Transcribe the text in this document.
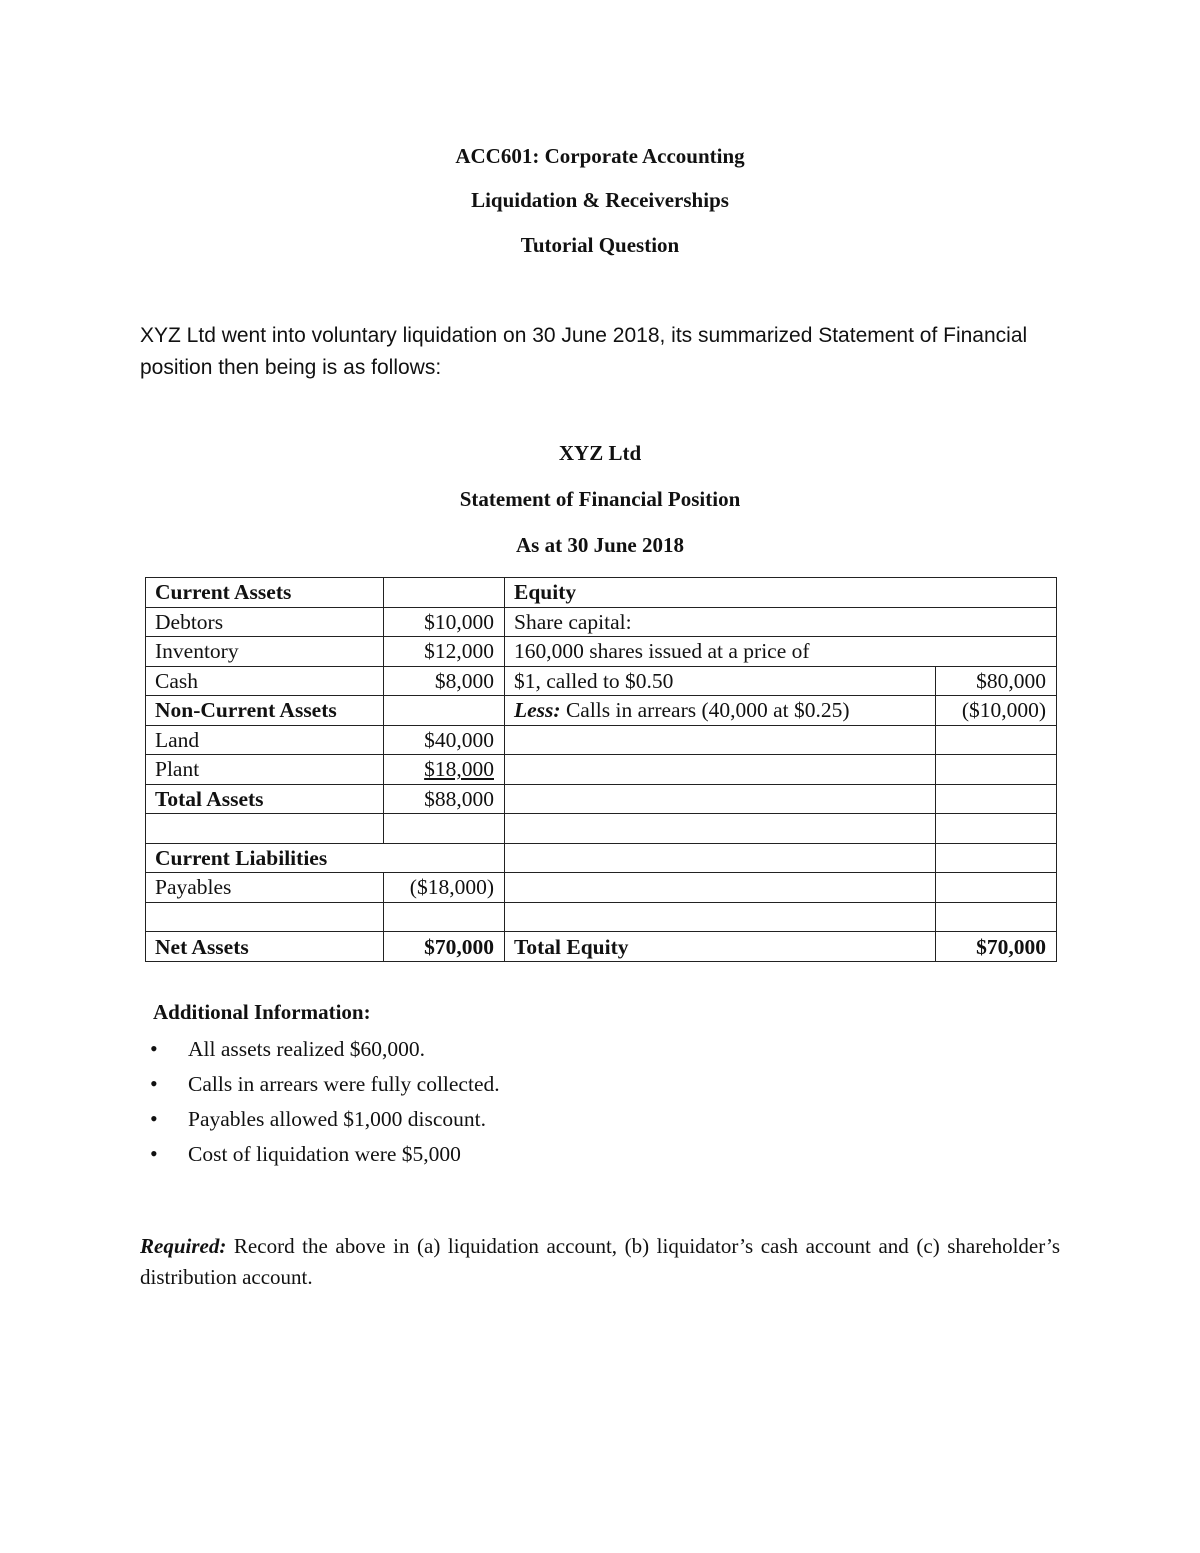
ACC601: Corporate Accounting
Liquidation & Receiverships
Tutorial Question
XYZ Ltd went into voluntary liquidation on 30 June 2018, its summarized Statement of Financial position then being is as follows:
XYZ Ltd
Statement of Financial Position
As at 30 June 2018
Current Assets		Equity	
Debtors	$10,000	Share capital:	
Inventory	$12,000	160,000 shares issued at a price of	
Cash	$8,000	$1, called to $0.50	$80,000
Non-Current Assets		Less: Calls in arrears (40,000 at $0.25)	($10,000)
Land	$40,000		
Plant	$18,000		
Total Assets	$88,000		

Current Liabilities			
Payables	($18,000)		

Net Assets	$70,000	Total Equity	$70,000
Additional Information:
• All assets realized $60,000.
• Calls in arrears were fully collected.
• Payables allowed $1,000 discount.
• Cost of liquidation were $5,000
Required: Record the above in (a) liquidation account, (b) liquidator’s cash account and (c) shareholder’s distribution account.
